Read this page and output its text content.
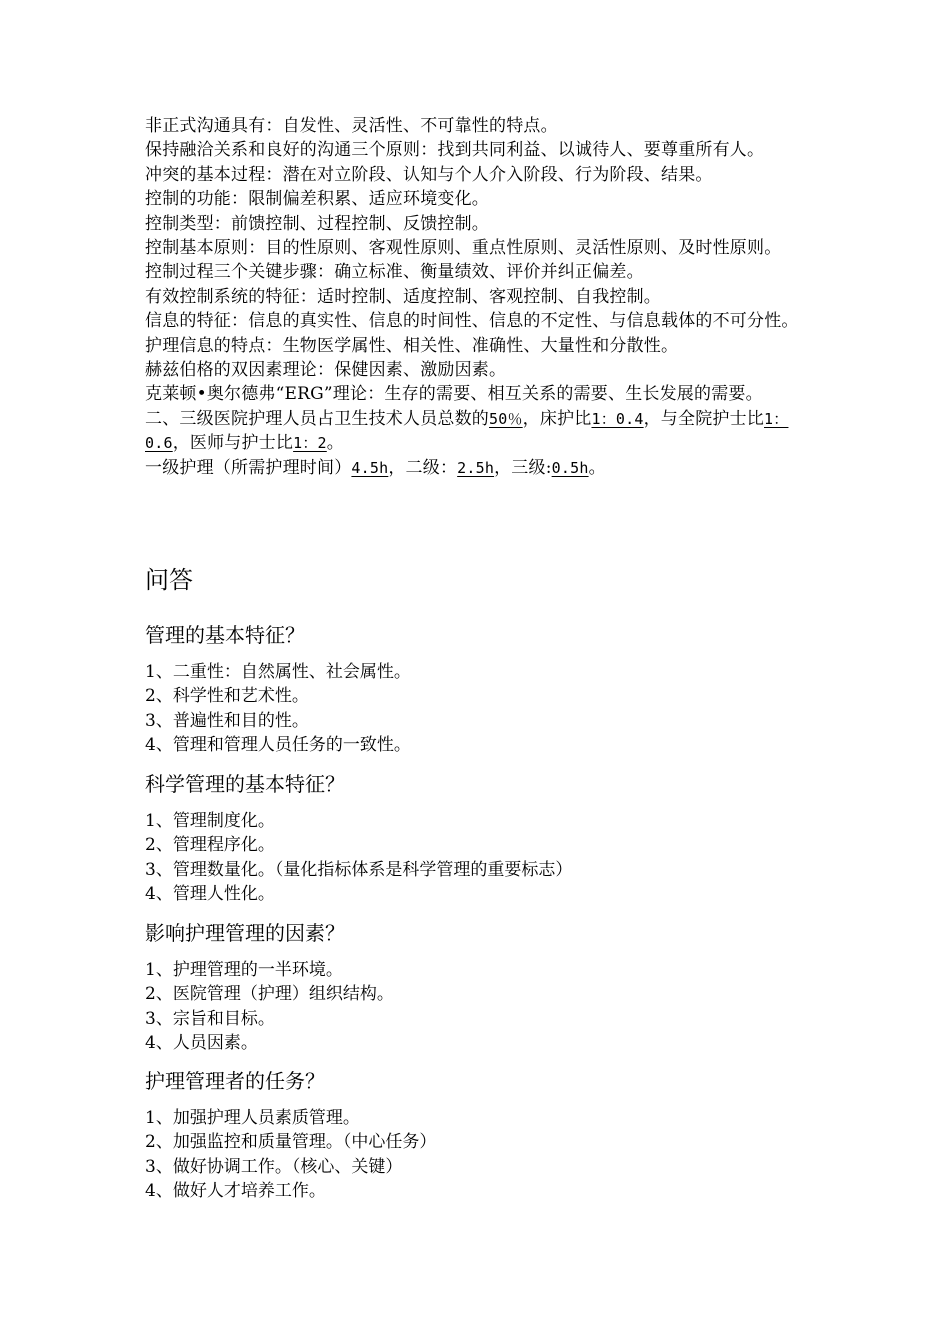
非正式沟通具有：自发性、灵活性、不可靠性的特点。

保持融洽关系和良好的沟通三个原则：找到共同利益、以诚待人、要尊重所有人。

冲突的基本过程：潜在对立阶段、认知与个人介入阶段、行为阶段、结果。

控制的功能：限制偏差积累、适应环境变化。

控制类型：前馈控制、过程控制、反馈控制。

控制基本原则：目的性原则、客观性原则、重点性原则、灵活性原则、及时性原则。

控制过程三个关键步骤：确立标准、衡量绩效、评价并纠正偏差。

有效控制系统的特征：适时控制、适度控制、客观控制、自我控制。

信息的特征：信息的真实性、信息的时间性、信息的不定性、与信息载体的不可分性。

护理信息的特点：生物医学属性、相关性、准确性、大量性和分散性。

赫兹伯格的双因素理论：保健因素、激励因素。

克莱顿•奥尔德弗“ERG”理论：生存的需要、相互关系的需要、生长发展的需要。

二、三级医院护理人员占卫生技术人员总数的50％，床护比1：0.4，与全院护士比1：0.6，医师与护士比1：2。

一级护理（所需护理时间）4.5h，二级：2.5h，三级:0.5h。

问答
管理的基本特征？
1、二重性：自然属性、社会属性。
2、科学性和艺术性。
3、普遍性和目的性。
4、管理和管理人员任务的一致性。
科学管理的基本特征？
1、管理制度化。
2、管理程序化。
3、管理数量化。（量化指标体系是科学管理的重要标志）
4、管理人性化。
影响护理管理的因素？
1、护理管理的一半环境。
2、医院管理（护理）组织结构。
3、宗旨和目标。
4、人员因素。
护理管理者的任务？
1、加强护理人员素质管理。
2、加强监控和质量管理。（中心任务）
3、做好协调工作。（核心、关键）
4、做好人才培养工作。
